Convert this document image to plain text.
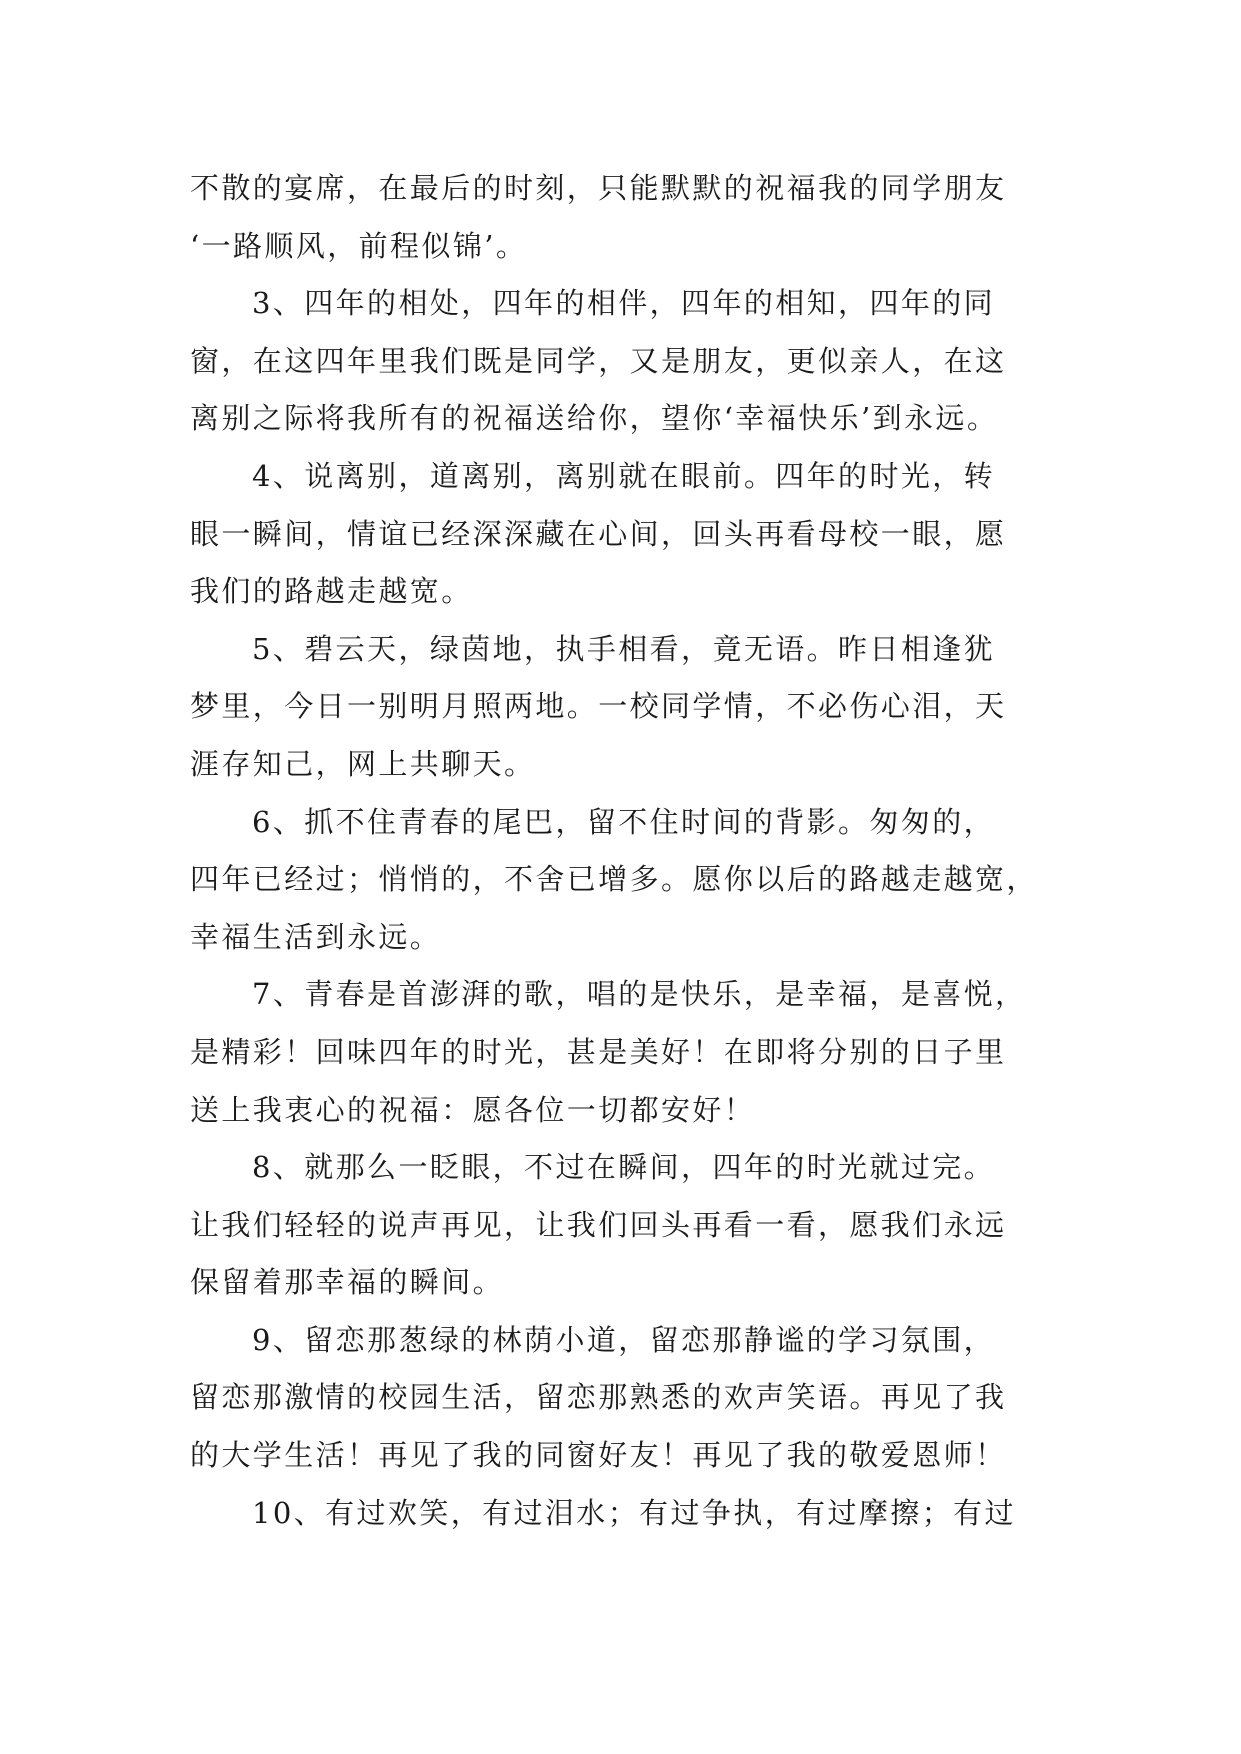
不散的宴席，在最后的时刻，只能默默的祝福我的同学朋友
‘一路顺风，前程似锦’。
3、四年的相处，四年的相伴，四年的相知，四年的同
窗，在这四年里我们既是同学，又是朋友，更似亲人，在这
离别之际将我所有的祝福送给你，望你‘幸福快乐’到永远。
4、说离别，道离别，离别就在眼前。四年的时光，转
眼一瞬间，情谊已经深深藏在心间，回头再看母校一眼，愿
我们的路越走越宽。
5、碧云天，绿茵地，执手相看，竟无语。昨日相逢犹
梦里，今日一别明月照两地。一校同学情，不必伤心泪，天
涯存知己，网上共聊天。
6、抓不住青春的尾巴，留不住时间的背影。匆匆的，
四年已经过；悄悄的，不舍已增多。愿你以后的路越走越宽，
幸福生活到永远。
7、青春是首澎湃的歌，唱的是快乐，是幸福，是喜悦，
是精彩！回味四年的时光，甚是美好！在即将分别的日子里
送上我衷心的祝福：愿各位一切都安好！
8、就那么一眨眼，不过在瞬间，四年的时光就过完。
让我们轻轻的说声再见，让我们回头再看一看，愿我们永远
保留着那幸福的瞬间。
9、留恋那葱绿的林荫小道，留恋那静谧的学习氛围，
留恋那激情的校园生活，留恋那熟悉的欢声笑语。再见了我
的大学生活！再见了我的同窗好友！再见了我的敬爱恩师！
10、有过欢笑，有过泪水；有过争执，有过摩擦；有过
